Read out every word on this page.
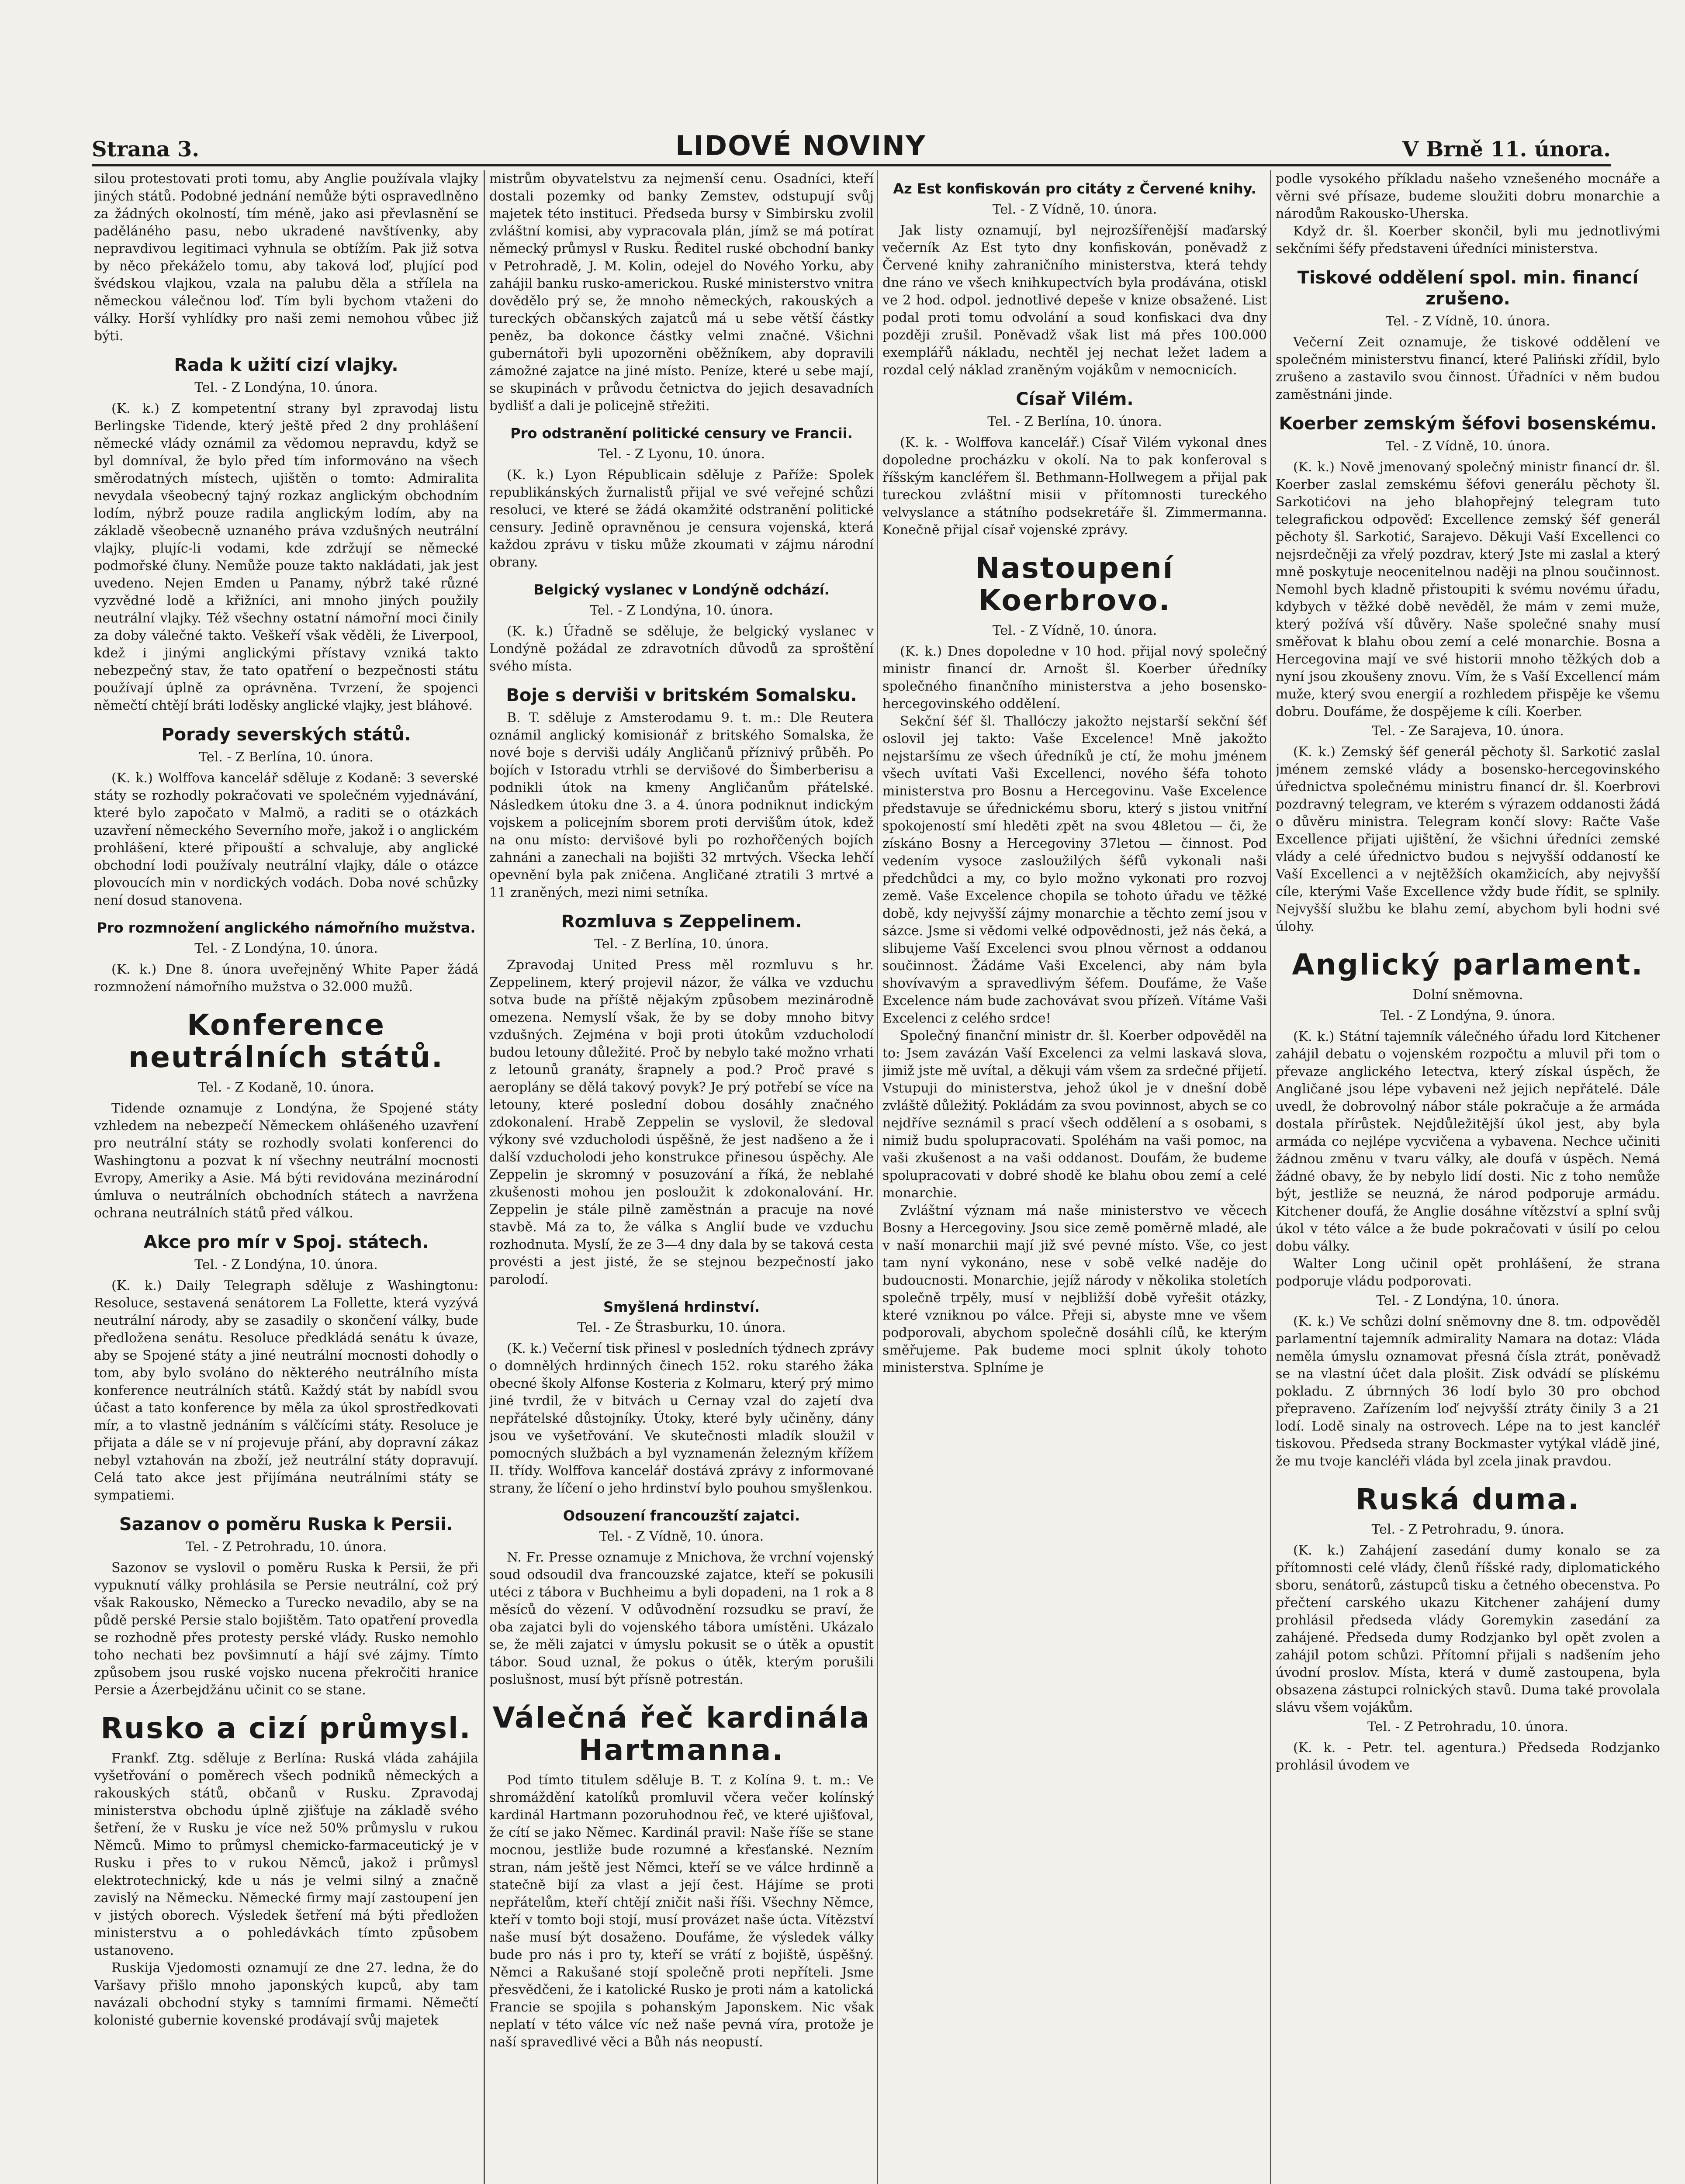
Strana 3.	LIDOVÉ NOVINY	V Brně 11. února.

silou protestovati proti tomu, aby Anglie používala vlajky jiných států. Podobné jednání nemůže býti ospravedlněno za žádných okolností, tím méně, jako asi převlasnění se paděláného pasu, nebo ukradené navštívenky, aby nepravdivou legitimaci vyhnula se obtížím. Pak již sotva by něco překáželo tomu, aby taková loď, plující pod švédskou vlajkou, vzala na palubu děla a střílela na německou válečnou loď. Tím byli bychom vtaženi do války. Horší vyhlídky pro naši zemi nemohou vůbec již býti.

Rada k užití cizí vlajky.
Tel. - Z Londýna, 10. února.

(K. k.) Z kompetentní strany byl zpravodaj listu Berlingske Tidende, který ještě před 2 dny prohlášení německé vlády oznámil za vědomou nepravdu, když se byl domníval, že bylo před tím informováno na všech směrodatných místech, ujištěn o tomto: Admiralita nevydala všeobecný tajný rozkaz anglickým obchodním lodím, nýbrž pouze radila anglickým lodím, aby na základě všeobecně uznaného práva vzdušných neutrální vlajky, plujíc-li vodami, kde zdržují se německé podmořské čluny. Nemůže pouze takto nakládati, jak jest uvedeno. Nejen Emden u Panamy, nýbrž také různé vyzvědné lodě a křižníci, ani mnoho jiných použily neutrální vlajky. Též všechny ostatní námořní moci činily za doby válečné takto. Veškeří však věděli, že Liverpool, kdež i jinými anglickými přístavy vzniká takto nebezpečný stav, že tato opatření o bezpečnosti státu používají úplně za oprávněna. Tvrzení, že spojenci němečtí chtějí bráti loděsky anglické vlajky, jest bláhové.

Porady severských států.
Tel. - Z Berlína, 10. února.

(K. k.) Wolffova kancelář sděluje z Kodaně: 3 severské státy se rozhodly pokračovati ve společném vyjednávání, které bylo započato v Malmö, a raditi se o otázkách uzavření německého Severního moře, jakož i o anglickém prohlášení, které připouští a schvaluje, aby anglické obchodní lodi používaly neutrální vlajky, dále o otázce plovoucích min v nordických vodách. Doba nové schůzky není dosud stanovena.

Pro rozmnožení anglického námořního mužstva.
Tel. - Z Londýna, 10. února.

(K. k.) Dne 8. února uveřejněný White Paper žádá rozmnožení námořního mužstva o 32.000 mužů.

Konference neutrálních států.
Tel. - Z Kodaně, 10. února.

Tidende oznamuje z Londýna, že Spojené státy vzhledem na nebezpečí Německem ohlášeného uzavření pro neutrální státy se rozhodly svolati konferenci do Washingtonu a pozvat k ní všechny neutrální mocnosti Evropy, Ameriky a Asie. Má býti revidována mezinárodní úmluva o neutrálních obchodních státech a navržena ochrana neutrálních států před válkou.

Akce pro mír v Spoj. státech.
Tel. - Z Londýna, 10. února.

(K. k.) Daily Telegraph sděluje z Washingtonu: Resoluce, sestavená senátorem La Follette, která vyzývá neutrální národy, aby se zasadily o skončení války, bude předložena senátu. Resoluce předkládá senátu k úvaze, aby se Spojené státy a jiné neutrální mocnosti dohodly o tom, aby bylo svoláno do některého neutrálního místa konference neutrálních států. Každý stát by nabídl svou účast a tato konference by měla za úkol sprostředkovati mír, a to vlastně jednáním s válčícími státy. Resoluce je přijata a dále se v ní projevuje přání, aby dopravní zákaz nebyl vztahován na zboží, jež neutrální státy dopravují. Celá tato akce jest přijímána neutrálními státy se sympatiemi.

Sazanov o poměru Ruska k Persii.
Tel. - Z Petrohradu, 10. února.

Sazonov se vyslovil o poměru Ruska k Persii, že při vypuknutí války prohlásila se Persie neutrální, což prý však Rakousko, Německo a Turecko nevadilo, aby se na půdě perské Persie stalo bojištěm. Tato opatření provedla se rozhodně přes protesty perské vlády. Rusko nemohlo toho nechati bez povšimnutí a hájí své zájmy. Tímto způsobem jsou ruské vojsko nucena překročiti hranice Persie a Ázerbejdžánu učinit co se stane.

Rusko a cizí průmysl.

Frankf. Ztg. sděluje z Berlína: Ruská vláda zahájila vyšetřování o poměrech všech podniků německých a rakouských států, občanů v Rusku. Zpravodaj ministerstva obchodu úplně zjišťuje na základě svého šetření, že v Rusku je více než 50% průmyslu v rukou Němců. Mimo to průmysl chemicko-farmaceutický je v Rusku i přes to v rukou Němců, jakož i průmysl elektrotechnický, kde u nás je velmi silný a značně zavislý na Německu. Německé firmy mají zastoupení jen v jistých oborech. Výsledek šetření má býti předložen ministerstvu a o pohledávkách tímto způsobem ustanoveno.

Ruskija Vjedomosti oznamují ze dne 27. ledna, že do Varšavy přišlo mnoho japonských kupců, aby tam navázali obchodní styky s tamními firmami. Němečtí kolonisté gubernie kovenské prodávají svůj majetek

mistrům obyvatelstvu za nejmenší cenu. Osadníci, kteří dostali pozemky od banky Zemstev, odstupují svůj majetek této instituci. Předseda bursy v Simbirsku zvolil zvláštní komisi, aby vypracovala plán, jímž se má potírat německý průmysl v Rusku. Ředitel ruské obchodní banky v Petrohradě, J. M. Kolin, odejel do Nového Yorku, aby zahájil banku rusko-americkou. Ruské ministerstvo vnitra dovědělo prý se, že mnoho německých, rakouských a tureckých občanských zajatců má u sebe větší částky peněz, ba dokonce částky velmi značné. Všichni gubernátoři byli upozorněni oběžníkem, aby dopravili zámožné zajatce na jiné místo. Peníze, které u sebe mají, se skupinách v průvodu četnictva do jejich desavadních bydlišť a dali je policejně střežiti.

Pro odstranění politické censury ve Francii.
Tel. - Z Lyonu, 10. února.

(K. k.) Lyon Républicain sděluje z Paříže: Spolek republikánských žurnalistů přijal ve své veřejné schůzi resoluci, ve které se žádá okamžité odstranění politické censury. Jedině opravněnou je censura vojenská, která každou zprávu v tisku může zkoumati v zájmu národní obrany.

Belgický vyslanec v Londýně odchází.
Tel. - Z Londýna, 10. února.

(K. k.) Úřadně se sděluje, že belgický vyslanec v Londýně požádal ze zdravotních důvodů za sproštění svého místa.

Boje s derviši v britském Somalsku.

B. T. sděluje z Amsterodamu 9. t. m.: Dle Reutera oznámil anglický komisionář z britského Somalska, že nové boje s derviši udály Angličanů příznivý průběh. Po bojích v Istoradu vtrhli se dervišové do Šimberberisu a podnikli útok na kmeny Angličanům přátelské. Následkem útoku dne 3. a 4. února podniknut indickým vojskem a policejním sborem proti dervišům útok, kdež na onu místo: dervišové byli po rozhořčených bojích zahnáni a zanechali na bojišti 32 mrtvých. Všecka lehčí opevnění byla pak zničena. Angličané ztratili 3 mrtvé a 11 zraněných, mezi nimi setníka.

Rozmluva s Zeppelinem.
Tel. - Z Berlína, 10. února.

Zpravodaj United Press měl rozmluvu s hr. Zeppelinem, který projevil názor, že válka ve vzduchu sotva bude na příště nějakým způsobem mezinárodně omezena. Nemyslí však, že by se doby mnoho bitvy vzdušných. Zejména v boji proti útokům vzducholodí budou letouny důležité. Proč by nebylo také možno vrhati z letounů granáty, šrapnely a pod.? Proč pravé s aeroplány se dělá takový povyk? Je prý potřebí se více na letouny, které poslední dobou dosáhly značného zdokonalení. Hrabě Zeppelin se vyslovil, že sledoval výkony své vzducholodi úspěšně, že jest nadšeno a že i další vzducholodi jeho konstrukce přinesou úspěchy. Ale Zeppelin je skromný v posuzování a říká, že neblahé zkušenosti mohou jen posloužit k zdokonalování. Hr. Zeppelin je stále pilně zaměstnán a pracuje na nové stavbě. Má za to, že válka s Anglií bude ve vzduchu rozhodnuta. Myslí, že ze 3—4 dny dala by se taková cesta provésti a jest jisté, že se stejnou bezpečností jako parolodí.

Smyšlená hrdinství.
Tel. - Ze Štrasburku, 10. února.

(K. k.) Večerní tisk přinesl v posledních týdnech zprávy o domnělých hrdinných činech 152. roku starého žáka obecné školy Alfonse Kosteria z Kolmaru, který prý mimo jiné tvrdil, že v bitvách u Cernay vzal do zajetí dva nepřátelské důstojníky. Útoky, které byly učiněny, dány jsou ve vyšetřování. Ve skutečnosti mladík sloužil v pomocných službách a byl vyznamenán železným křížem II. třídy. Wolffova kancelář dostává zprávy z informované strany, že líčení o jeho hrdinství bylo pouhou smyšlenkou.

Odsouzení francouzští zajatci.
Tel. - Z Vídně, 10. února.

N. Fr. Presse oznamuje z Mnichova, že vrchní vojenský soud odsoudil dva francouzské zajatce, kteří se pokusili utéci z tábora v Buchheimu a byli dopadeni, na 1 rok a 8 měsíců do vězení. V odůvodnění rozsudku se praví, že oba zajatci byli do vojenského tábora umístěni. Ukázalo se, že měli zajatci v úmyslu pokusit se o útěk a opustit tábor. Soud uznal, že pokus o útěk, kterým porušili poslušnost, musí být přísně potrestán.

Válečná řeč kardinála Hartmanna.

Pod tímto titulem sděluje B. T. z Kolína 9. t. m.: Ve shromáždění katolíků promluvil včera večer kolínský kardinál Hartmann pozoruhodnou řeč, ve které ujišťoval, že cítí se jako Němec. Kardinál pravil: Naše říše se stane mocnou, jestliže bude rozumné a křesťanské. Nezním stran, nám ještě jest Němci, kteří se ve válce hrdinně a statečně bijí za vlast a její čest. Hájíme se proti nepřátelům, kteří chtějí zničit naši říši. Všechny Němce, kteří v tomto boji stojí, musí provázet naše úcta. Vítězství naše musí být dosaženo. Doufáme, že výsledek války bude pro nás i pro ty, kteří se vrátí z bojiště, úspěšný. Němci a Rakušané stojí společně proti nepříteli. Jsme přesvědčeni, že i katolické Rusko je proti nám a katolická Francie se spojila s pohanským Japonskem. Nic však neplatí v této válce víc než naše pevná víra, protože je naší spravedlivé věci a Bůh nás neopustí.

Az Est konfiskován pro citáty z Červené knihy.
Tel. - Z Vídně, 10. února.

Jak listy oznamují, byl nejrozšířenější maďarský večerník Az Est tyto dny konfiskován, poněvadž z Červené knihy zahraničního ministerstva, která tehdy dne ráno ve všech knihkupectvích byla prodávána, otiskl ve 2 hod. odpol. jednotlivé depeše v knize obsažené. List podal proti tomu odvolání a soud konfiskaci dva dny později zrušil. Poněvadž však list má přes 100.000 exemplářů nákladu, nechtěl jej nechat ležet ladem a rozdal celý náklad zraněným vojákům v nemocnicích.

Císař Vilém.
Tel. - Z Berlína, 10. února.

(K. k. - Wolffova kancelář.) Císař Vilém vykonal dnes dopoledne procházku v okolí. Na to pak konferoval s říšským kancléřem šl. Bethmann-Hollwegem a přijal pak tureckou zvláštní misii v přítomnosti tureckého velvyslance a státního podsekretáře šl. Zimmermanna. Konečně přijal císař vojenské zprávy.

Nastoupení Koerbrovo.
Tel. - Z Vídně, 10. února.

(K. k.) Dnes dopoledne v 10 hod. přijal nový společný ministr financí dr. Arnošt šl. Koerber úředníky společného finančního ministerstva a jeho bosensko-hercegovinského oddělení.

Sekční šéf šl. Thallóczy jakožto nejstarší sekční šéf oslovil jej takto: Vaše Excelence! Mně jakožto nejstaršímu ze všech úředníků je ctí, že mohu jménem všech uvítati Vaši Excellenci, nového šéfa tohoto ministerstva pro Bosnu a Hercegovinu. Vaše Excelence představuje se úřednickému sboru, který s jistou vnitřní spokojeností smí hleděti zpět na svou 48letou — či, že získáno Bosny a Hercegoviny 37letou — činnost. Pod vedením vysoce zasloužilých šéfů vykonali naši předchůdci a my, co bylo možno vykonati pro rozvoj země. Vaše Excelence chopila se tohoto úřadu ve těžké době, kdy nejvyšší zájmy monarchie a těchto zemí jsou v sázce. Jsme si vědomi velké odpovědnosti, jež nás čeká, a slibujeme Vaší Excelenci svou plnou věrnost a oddanou součinnost. Žádáme Vaši Excelenci, aby nám byla shovívavým a spravedlivým šéfem. Doufáme, že Vaše Excelence nám bude zachovávat svou přízeň. Vítáme Vaši Excelenci z celého srdce!

Společný finanční ministr dr. šl. Koerber odpověděl na to: Jsem zavázán Vaší Excelenci za velmi laskavá slova, jimiž jste mě uvítal, a děkuji vám všem za srdečné přijetí. Vstupuji do ministerstva, jehož úkol je v dnešní době zvláště důležitý. Pokládám za svou povinnost, abych se co nejdříve seznámil s prací všech oddělení a s osobami, s nimiž budu spolupracovati. Spoléhám na vaši pomoc, na vaši zkušenost a na vaši oddanost. Doufám, že budeme spolupracovati v dobré shodě ke blahu obou zemí a celé monarchie.

Zvláštní význam má naše ministerstvo ve věcech Bosny a Hercegoviny. Jsou sice země poměrně mladé, ale v naší monarchii mají již své pevné místo. Vše, co jest tam nyní vykonáno, nese v sobě velké naděje do budoucnosti. Monarchie, jejíž národy v několika stoletích společně trpěly, musí v nejbližší době vyřešit otázky, které vzniknou po válce. Přeji si, abyste mne ve všem podporovali, abychom společně dosáhli cílů, ke kterým směřujeme. Pak budeme moci splnit úkoly tohoto ministerstva. Splníme je

podle vysokého příkladu našeho vznešeného mocnáře a věrni své přísaze, budeme sloužiti dobru monarchie a národům Rakousko-Uherska.

Když dr. šl. Koerber skončil, byli mu jednotlivými sekčními šéfy představeni úředníci ministerstva.

Tiskové oddělení spol. min. financí zrušeno.
Tel. - Z Vídně, 10. února.

Večerní Zeit oznamuje, že tiskové oddělení ve společném ministerstvu financí, které Paliński zřídil, bylo zrušeno a zastavilo svou činnost. Úřadníci v něm budou zaměstnáni jinde.

Koerber zemským šéfovi bosenskému.
Tel. - Z Vídně, 10. února.

(K. k.) Nově jmenovaný společný ministr financí dr. šl. Koerber zaslal zemskému šéfovi generálu pěchoty šl. Sarkotićovi na jeho blahopřejný telegram tuto telegrafickou odpověď: Excellence zemský šéf generál pěchoty šl. Sarkotić, Sarajevo. Děkuji Vaší Excellenci co nejsrdečněji za vřelý pozdrav, který Jste mi zaslal a který mně poskytuje neocenitelnou naději na plnou součinnost. Nemohl bych kladně přistoupiti k svému novému úřadu, kdybych v těžké době nevěděl, že mám v zemi muže, který požívá vší důvěry. Naše společné snahy musí směřovat k blahu obou zemí a celé monarchie. Bosna a Hercegovina mají ve své historii mnoho těžkých dob a nyní jsou zkoušeny znovu. Vím, že s Vaší Excellencí mám muže, který svou energií a rozhledem přispěje ke všemu dobru. Doufáme, že dospějeme k cíli. Koerber.

Tel. - Ze Sarajeva, 10. února.

(K. k.) Zemský šéf generál pěchoty šl. Sarkotić zaslal jménem zemské vlády a bosensko-hercegovinského úřednictva společnému ministru financí dr. šl. Koerbrovi pozdravný telegram, ve kterém s výrazem oddanosti žádá o důvěru ministra. Telegram končí slovy: Račte Vaše Excellence přijati ujištění, že všichni úředníci zemské vlády a celé úřednictvo budou s nejvyšší oddaností ke Vaší Excellenci a v nejtěžších okamžicích, aby nejvyšší cíle, kterými Vaše Excellence vždy bude řídit, se splnily. Nejvyšší službu ke blahu zemí, abychom byli hodni své úlohy.

Anglický parlament.
Dolní sněmovna.
Tel. - Z Londýna, 9. února.

(K. k.) Státní tajemník válečného úřadu lord Kitchener zahájil debatu o vojenském rozpočtu a mluvil při tom o převaze anglického letectva, který získal úspěch, že Angličané jsou lépe vybaveni než jejich nepřátelé. Dále uvedl, že dobrovolný nábor stále pokračuje a že armáda dostala přírůstek. Nejdůležitější úkol jest, aby byla armáda co nejlépe vycvičena a vybavena. Nechce učiniti žádnou změnu v tvaru války, ale doufá v úspěch. Nemá žádné obavy, že by nebylo lidí dosti. Nic z toho nemůže být, jestliže se neuzná, že národ podporuje armádu. Kitchener doufá, že Anglie dosáhne vítězství a splní svůj úkol v této válce a že bude pokračovati v úsilí po celou dobu války.

Walter Long učinil opět prohlášení, že strana podporuje vládu podporovati.

Tel. - Z Londýna, 10. února.

(K. k.) Ve schůzi dolní sněmovny dne 8. tm. odpověděl parlamentní tajemník admirality Namara na dotaz: Vláda neměla úmyslu oznamovat přesná čísla ztrát, poněvadž se na vlastní účet dala plošit. Zisk odvádí se plískému pokladu. Z úbrnných 36 lodí bylo 30 pro obchod přepraveno. Zařízením loď nejvyšší ztráty činily 3 a 21 lodí. Lodě sinaly na ostrovech. Lépe na to jest kancléř tiskovou. Předseda strany Bockmaster vytýkal vládě jiné, že mu tvoje kancléři vláda byl zcela jinak pravdou.

Ruská duma.
Tel. - Z Petrohradu, 9. února.

(K. k.) Zahájení zasedání dumy konalo se za přítomnosti celé vlády, členů říšské rady, diplomatického sboru, senátorů, zástupců tisku a četného obecenstva. Po přečtení carského ukazu Kitchener zahájení dumy prohlásil předseda vlády Goremykin zasedání za zahájené. Předseda dumy Rodzjanko byl opět zvolen a zahájil potom schůzi. Přítomní přijali s nadšením jeho úvodní proslov. Místa, která v dumě zastoupena, byla obsazena zástupci rolnických stavů. Duma také provolala slávu všem vojákům.

Tel. - Z Petrohradu, 10. února.

(K. k. - Petr. tel. agentura.) Předseda Rodzjanko prohlásil úvodem ve
